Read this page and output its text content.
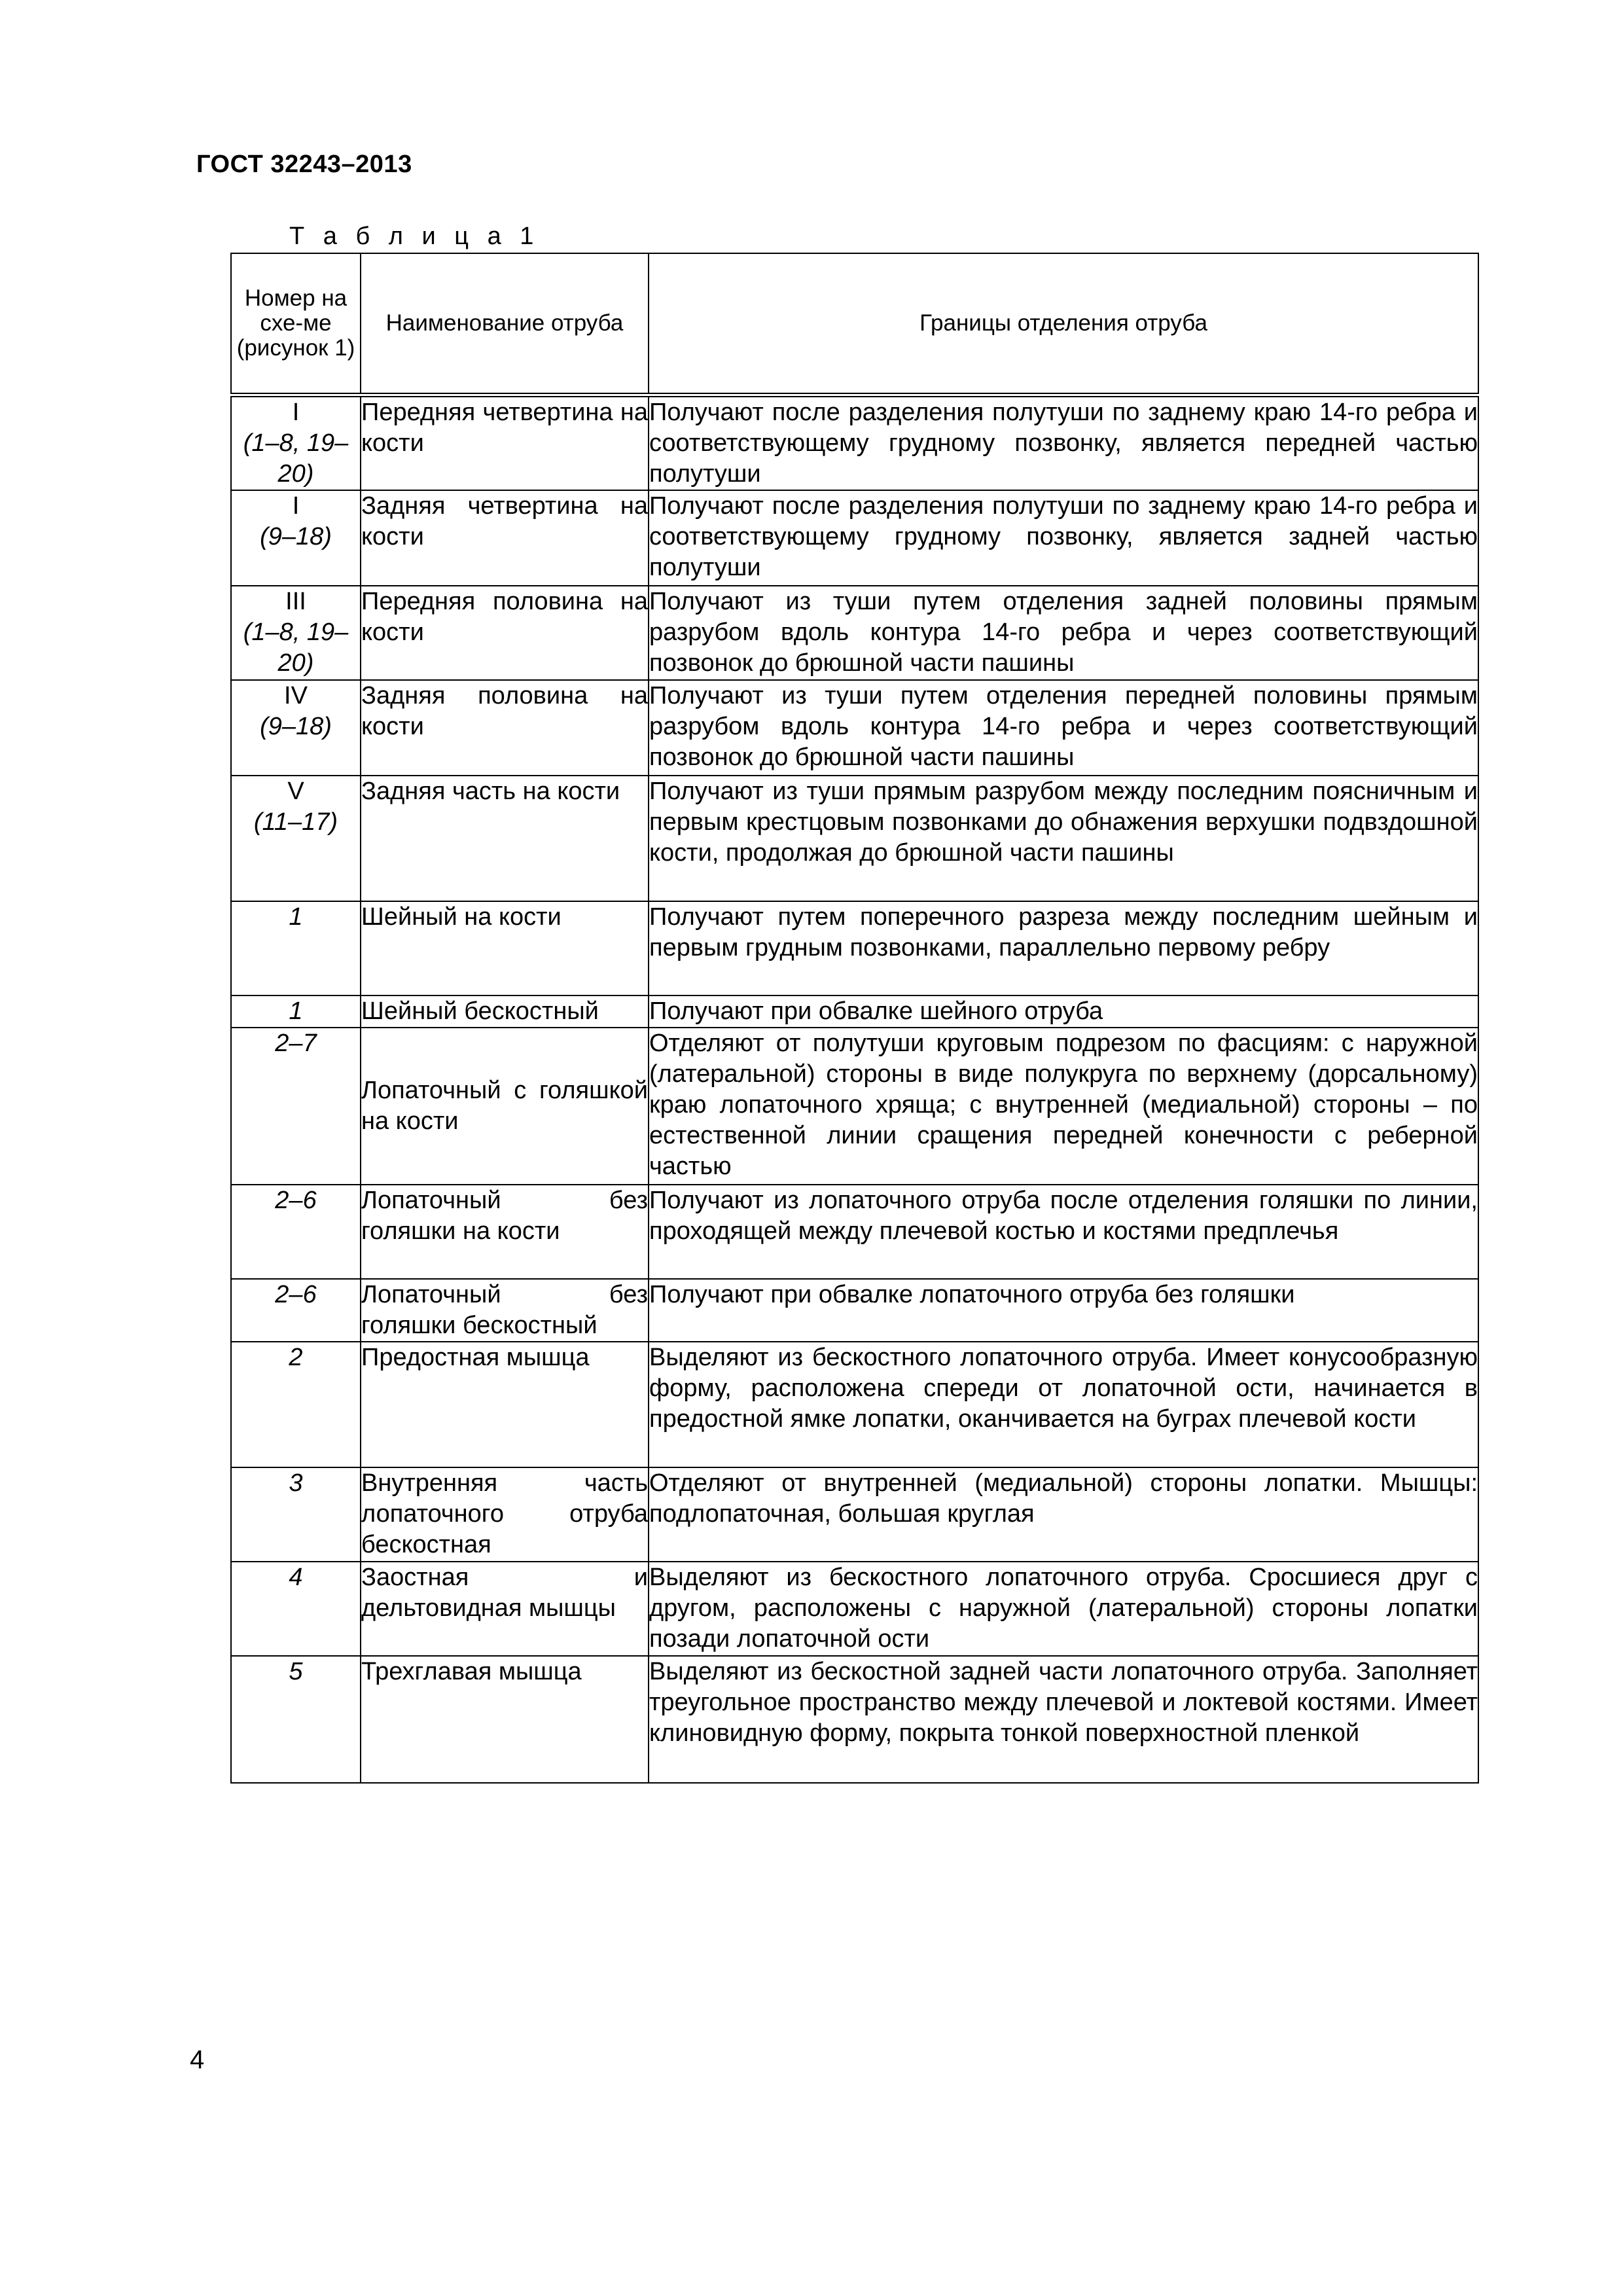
ГОСТ 32243–2013
Т а б л и ц а 1
Номер на схе-ме (рисунок 1)	Наименование отруба	Границы отделения отруба

I
(1–8, 19–20)	Передняя четвертина на кости	Получают после разделения полутуши по заднему краю 14-го ребра и соответствующему грудному позвонку, является передней частью полутуши

I
(9–18)	Задняя четвертина на кости	Получают после разделения полутуши по заднему краю 14-го ребра и соответствующему грудному позвонку, является задней частью полутуши

III
(1–8, 19–20)	Передняя половина на кости	Получают из туши путем отделения задней половины прямым разрубом вдоль контура 14-го ребра и через соответствующий позвонок до брюшной части пашины

IV
(9–18)	Задняя половина на кости	Получают из туши путем отделения передней половины прямым разрубом вдоль контура 14-го ребра и через соответствующий позвонок до брюшной части пашины

V
(11–17)	Задняя часть на кости	Получают из туши прямым разрубом между последним поясничным и первым крестцовым позвонками до обнажения верхушки подвздошной кости, продолжая до брюшной части пашины

1	Шейный на кости	Получают путем поперечного разреза между последним шейным и первым грудным позвонками, параллельно первому ребру

1	Шейный бескостный	Получают при обвалке шейного отруба

2–7	Лопаточный с голяшкой на кости	Отделяют от полутуши круговым подрезом по фасциям: с наружной (латеральной) стороны в виде полукруга по верхнему (дорсальному) краю лопаточного хряща; с внутренней (медиальной) стороны – по естественной линии сращения передней конечности с реберной частью

2–6	Лопаточный без голяшки на кости	Получают из лопаточного отруба после отделения голяшки по линии, проходящей между плечевой костью и костями предплечья

2–6	Лопаточный без голяшки бескостный	Получают при обвалке лопаточного отруба без голяшки

2	Предостная мышца	Выделяют из бескостного лопаточного отруба. Имеет конусообразную форму, расположена спереди от лопаточной ости, начинается в предостной ямке лопатки, оканчивается на буграх плечевой кости

3	Внутренняя часть лопаточного отруба бескостная	Отделяют от внутренней (медиальной) стороны лопатки. Мышцы: подлопаточная, большая круглая

4	Заостная и дельтовидная мышцы	Выделяют из бескостного лопаточного отруба. Сросшиеся друг с другом, расположены с наружной (латеральной) стороны лопатки позади лопаточной ости

5	Трехглавая мышца	Выделяют из бескостной задней части лопаточного отруба. Заполняет треугольное пространство между плечевой и локтевой костями. Имеет клиновидную форму, покрыта тонкой поверхностной пленкой
4
